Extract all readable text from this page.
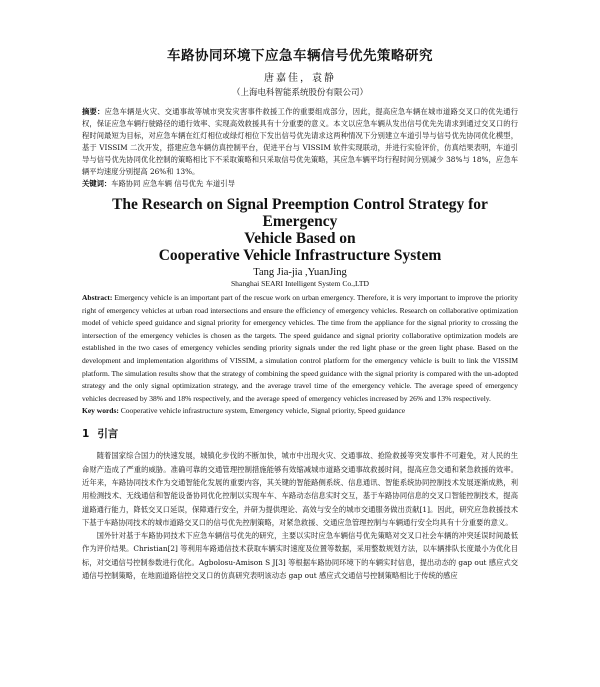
车路协同环境下应急车辆信号优先策略研究
唐嘉佳，袁静
（上海电科智能系统股份有限公司）
摘要：应急车辆是火灾、交通事故等城市突发灾害事件救援工作的重要组成部分，因此，提高应急车辆在城市道路交叉口的优先通行权，保证应急车辆行驶路径的通行效率、实现高效救援具有十分重要的意义。本文以应急车辆从发出信号优先先请求到通过交叉口的行程时间最短为目标，对应急车辆在红灯相位或绿灯相位下发出信号优先请求这两种情况下分别建立车道引导与信号优先协同优化模型，基于 VISSIM 二次开发，搭建应急车辆仿真控制平台，促进平台与 VISSIM 软件实现联动，并进行实验评价，仿真结果表明，车道引导与信号优先协同优化控制的策略相比下不采取策略和只采取信号优先策略，其应急车辆平均行程时间分别减少 38%与 18%，应急车辆平均速度分别提高 26%和 13%。
关键词：车路协同 应急车辆 信号优先 车道引导
The Research on Signal Preemption Control Strategy for Emergency
Vehicle Based on
Cooperative Vehicle Infrastructure System
Tang Jia-jia ,YuanJing
Shanghai SEARI Intelligent System Co.,LTD
Abstract: Emergency vehicle is an important part of the rescue work on urban emergency. Therefore, it is very important to improve the priority right of emergency vehicles at urban road intersections and ensure the efficiency of emergency vehicles. Research on collaborative optimization model of vehicle speed guidance and signal priority for emergency vehicles. The time from the appliance for the signal priority to crossing the intersection of the emergency vehicles is chosen as the targets. The speed guidance and signal priority collaborative optimization models are established in the two cases of emergency vehicles sending priority signals under the red light phase or the green light phase. Based on the development and implementation algorithms of VISSIM, a simulation control platform for the emergency vehicle is built to link the VISSIM platform. The simulation results show that the strategy of combining the speed guidance with the signal priority is compared with the un-adopted strategy and the only signal optimization strategy, and the average travel time of the emergency vehicle. The average speed of emergency vehicles decreased by 38% and 18% respectively, and the average speed of emergency vehicles increased by 26% and 13% respectively.
Key words: Cooperative vehicle infrastructure system, Emergency vehicle, Signal priority, Speed guidance
1 引言

随着国家综合国力的快速发展，城镇化步伐的不断加快，城市中出现火灾、交通事故、抢险救援等突发事件不可避免，对人民的生命财产造成了严重的威胁。准确可靠的交通管理控制措施能够有效缩减城市道路交通事故救援时间，提高应急交通和紧急救援的效率。近年来，车路协同技术作为交通智能化发展的重要内容，其关键的智能路侧系统、信息通讯、智能系统协同控制技术发展逐渐成熟，利用检测技术、无线通信和智能设备协同优化控制以实现车车、车路动态信息实时交互，基于车路协同信息的交叉口智能控制技术，提高道路通行能力，降低交叉口延误，保障通行安全，并研为提供理论、高效与安全的城市交通服务做出贡献[1]。因此，研究应急救援技术下基于车路协同技术的城市道路交叉口的信号优先控制策略，对紧急救援、交通应急管理控制与车辆通行安全均具有十分重要的意义。

国外针对基于车路协同技术下应急车辆信号优先的研究，主要以实时应急车辆信号优先策略对交叉口社会车辆的冲突延误时间最低作为评价结果。Christian[2] 等利用车路通信技术获取车辆实时速度及位置等数据，采用整数规划方法，以车辆排队长度最小为优化目标，对交通信号控制参数进行优化。Agbolosu-Amison S J[3] 等根据车路协同环境下的车辆实时信息，提出动态的 gap out 感应式交通信号控制策略，在地面道路信控交叉口的仿真研究表明该动态 gap out 感应式交通信号控制策略相比于传统的感应
